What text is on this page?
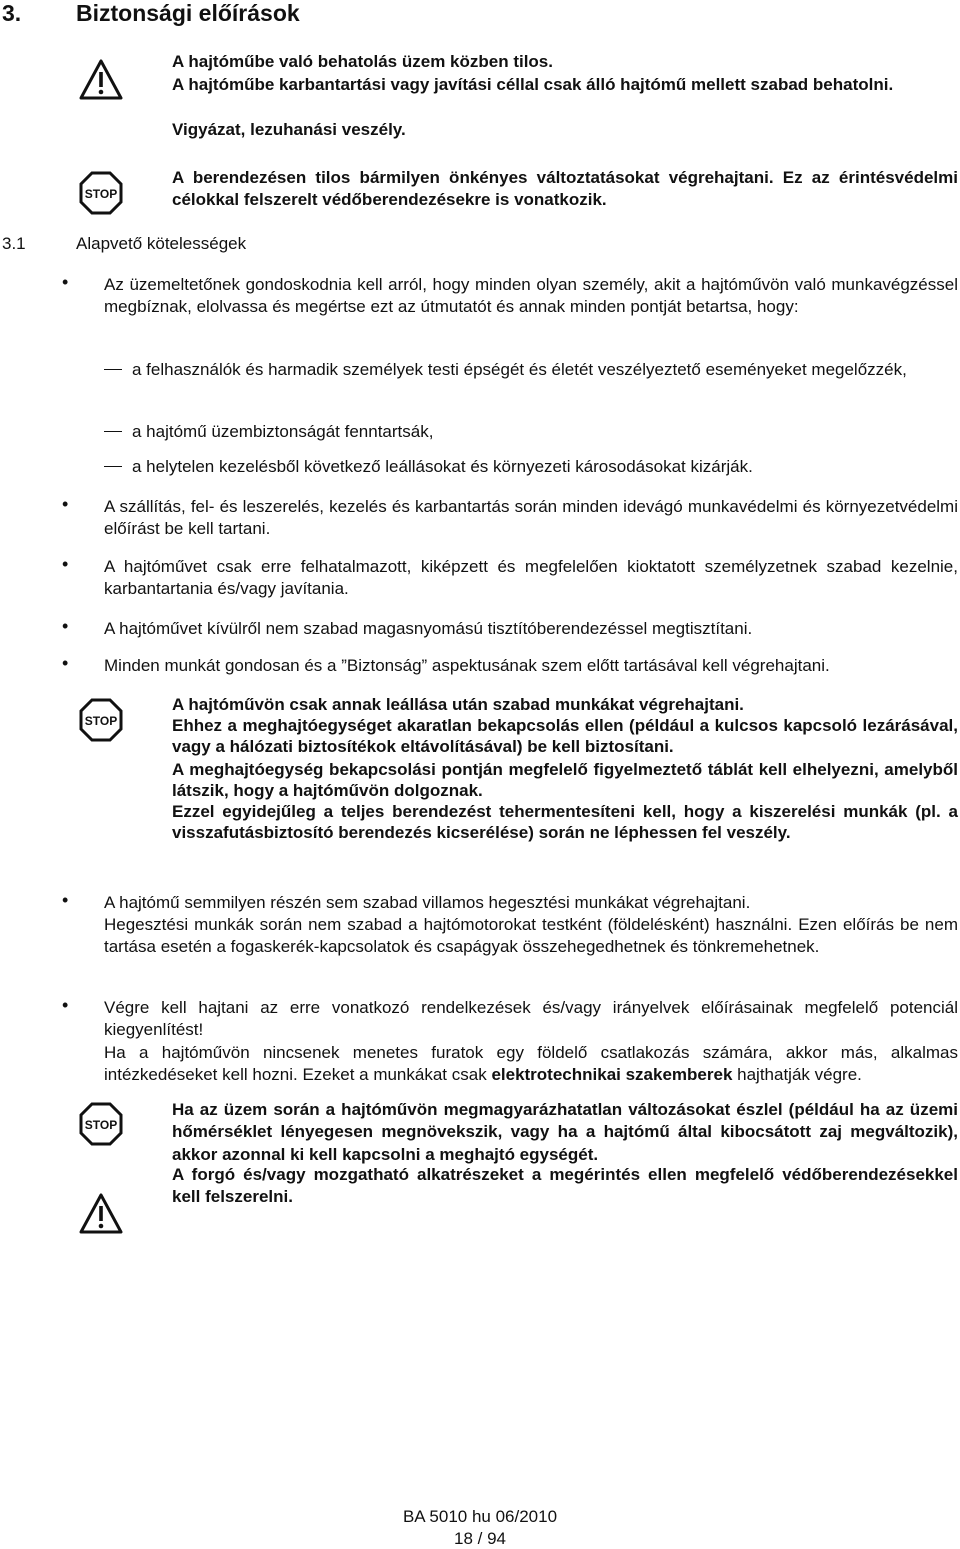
3. Biztonsági előírások
A hajtóműbe való behatolás üzem közben tilos.
A hajtóműbe karbantartási vagy javítási céllal csak álló hajtómű mellett szabad behatolni.
Vigyázat, lezuhanási veszély.
STOP
A berendezésen tilos bármilyen önkényes változtatásokat végrehajtani. Ez az érintésvédelmi célokkal felszerelt védőberendezésekre is vonatkozik.
3.1	Alapvető kötelességek
• Az üzemeltetőnek gondoskodnia kell arról, hogy minden olyan személy, akit a hajtóművön való munkavégzéssel megbíznak, elolvassa és megértse ezt az útmutatót és annak minden pontját betartsa, hogy:
a felhasználók és harmadik személyek testi épségét és életét veszélyeztető eseményeket megelőzzék,
a hajtómű üzembiztonságát fenntartsák,
a helytelen kezelésből következő leállásokat és környezeti károsodásokat kizárják.
• A szállítás, fel- és leszerelés, kezelés és karbantartás során minden idevágó munkavédelmi és környezetvédelmi előírást be kell tartani.
• A hajtóművet csak erre felhatalmazott, kiképzett és megfelelően kioktatott személyzetnek szabad kezelnie, karbantartania és/vagy javítania.
• A hajtóművet kívülről nem szabad magasnyomású tisztítóberendezéssel megtisztítani.
• Minden munkát gondosan és a ”Biztonság” aspektusának szem előtt tartásával kell végrehajtani.
STOP
A hajtóművön csak annak leállása után szabad munkákat végrehajtani.
Ehhez a meghajtóegységet akaratlan bekapcsolás ellen (például a kulcsos kapcsoló lezárásával, vagy a hálózati biztosítékok eltávolításával) be kell biztosítani.
A meghajtóegység bekapcsolási pontján megfelelő figyelmeztető táblát kell elhelyezni, amelyből látszik, hogy a hajtóművön dolgoznak.
Ezzel egyidejűleg a teljes berendezést tehermentesíteni kell, hogy a kiszerelési munkák (pl. a visszafutásbiztosító berendezés kicserélése) során ne léphessen fel veszély.
• A hajtómű semmilyen részén sem szabad villamos hegesztési munkákat végrehajtani.
Hegesztési munkák során nem szabad a hajtómotorokat testként (földelésként) használni. Ezen előírás be nem tartása esetén a fogaskerék-kapcsolatok és csapágyak összehegedhetnek és tönkremehetnek.
• Végre kell hajtani az erre vonatkozó rendelkezések és/vagy irányelvek előírásainak megfelelő potenciál kiegyenlítést!
Ha a hajtóművön nincsenek menetes furatok egy földelő csatlakozás számára, akkor más, alkalmas intézkedéseket kell hozni. Ezeket a munkákat csak elektrotechnikai szakemberek hajthatják végre.
STOP
Ha az üzem során a hajtóművön megmagyarázhatatlan változásokat észlel (például ha az üzemi hőmérséklet lényegesen megnövekszik, vagy ha a hajtómű által kibocsátott zaj megváltozik), akkor azonnal ki kell kapcsolni a meghajtó egységét.
A forgó és/vagy mozgatható alkatrészeket a megérintés ellen megfelelő védőberendezésekkel kell felszerelni.
BA 5010 hu 06/2010
18 / 94
